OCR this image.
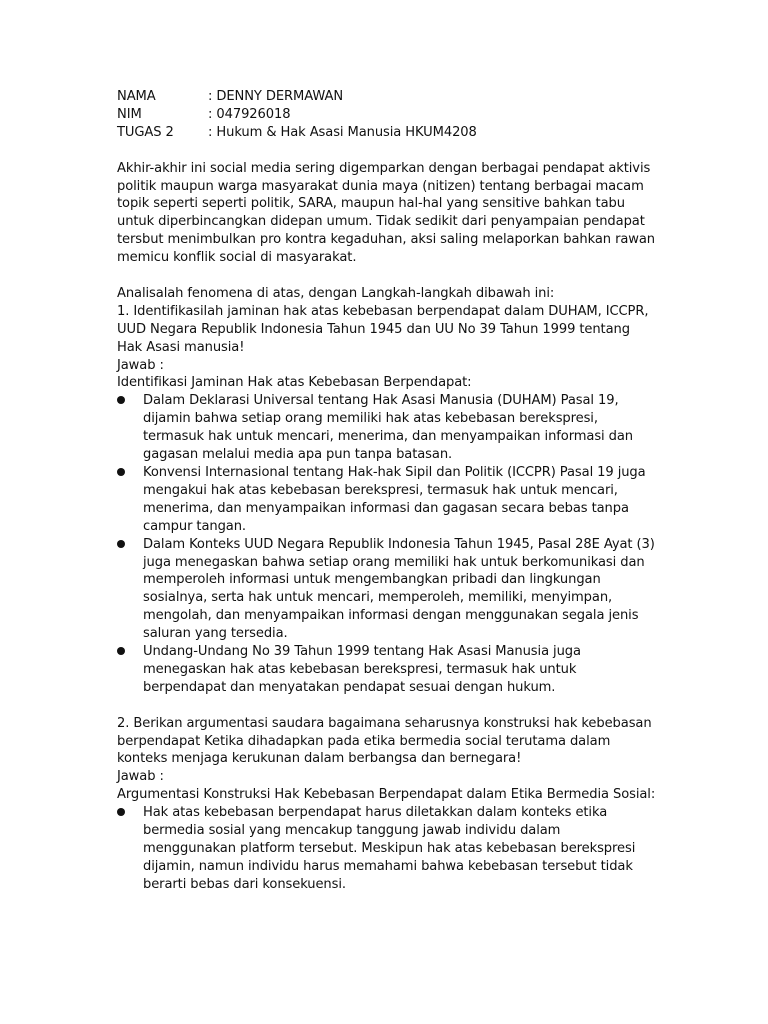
NAMA	: DENNY DERMAWAN
NIM	: 047926018
TUGAS 2	: Hukum & Hak Asasi Manusia HKUM4208

Akhir-akhir ini social media sering digemparkan dengan berbagai pendapat aktivis politik maupun warga masyarakat dunia maya (nitizen) tentang berbagai macam topik seperti seperti politik, SARA, maupun hal-hal yang sensitive bahkan tabu untuk diperbincangkan didepan umum. Tidak sedikit dari penyampaian pendapat tersbut menimbulkan pro kontra kegaduhan, aksi saling melaporkan bahkan rawan memicu konflik social di masyarakat.

Analisalah fenomena di atas, dengan Langkah-langkah dibawah ini:

1. Identifikasilah jaminan hak atas kebebasan berpendapat dalam DUHAM, ICCPR, UUD Negara Republik Indonesia Tahun 1945 dan UU No 39 Tahun 1999 tentang Hak Asasi manusia!

Jawab :

Identifikasi Jaminan Hak atas Kebebasan Berpendapat:

Dalam Deklarasi Universal tentang Hak Asasi Manusia (DUHAM) Pasal 19, dijamin bahwa setiap orang memiliki hak atas kebebasan berekspresi, termasuk hak untuk mencari, menerima, dan menyampaikan informasi dan gagasan melalui media apa pun tanpa batasan.
Konvensi Internasional tentang Hak-hak Sipil dan Politik (ICCPR) Pasal 19 juga mengakui hak atas kebebasan berekspresi, termasuk hak untuk mencari, menerima, dan menyampaikan informasi dan gagasan secara bebas tanpa campur tangan.
Dalam Konteks UUD Negara Republik Indonesia Tahun 1945, Pasal 28E Ayat (3) juga menegaskan bahwa setiap orang memiliki hak untuk berkomunikasi dan memperoleh informasi untuk mengembangkan pribadi dan lingkungan sosialnya, serta hak untuk mencari, memperoleh, memiliki, menyimpan, mengolah, dan menyampaikan informasi dengan menggunakan segala jenis saluran yang tersedia.
Undang-Undang No 39 Tahun 1999 tentang Hak Asasi Manusia juga menegaskan hak atas kebebasan berekspresi, termasuk hak untuk berpendapat dan menyatakan pendapat sesuai dengan hukum.

2. Berikan argumentasi saudara bagaimana seharusnya konstruksi hak kebebasan berpendapat Ketika dihadapkan pada etika bermedia social terutama dalam konteks menjaga kerukunan dalam berbangsa dan bernegara!

Jawab :

Argumentasi Konstruksi Hak Kebebasan Berpendapat dalam Etika Bermedia Sosial:

Hak atas kebebasan berpendapat harus diletakkan dalam konteks etika bermedia sosial yang mencakup tanggung jawab individu dalam menggunakan platform tersebut. Meskipun hak atas kebebasan berekspresi dijamin, namun individu harus memahami bahwa kebebasan tersebut tidak berarti bebas dari konsekuensi.
